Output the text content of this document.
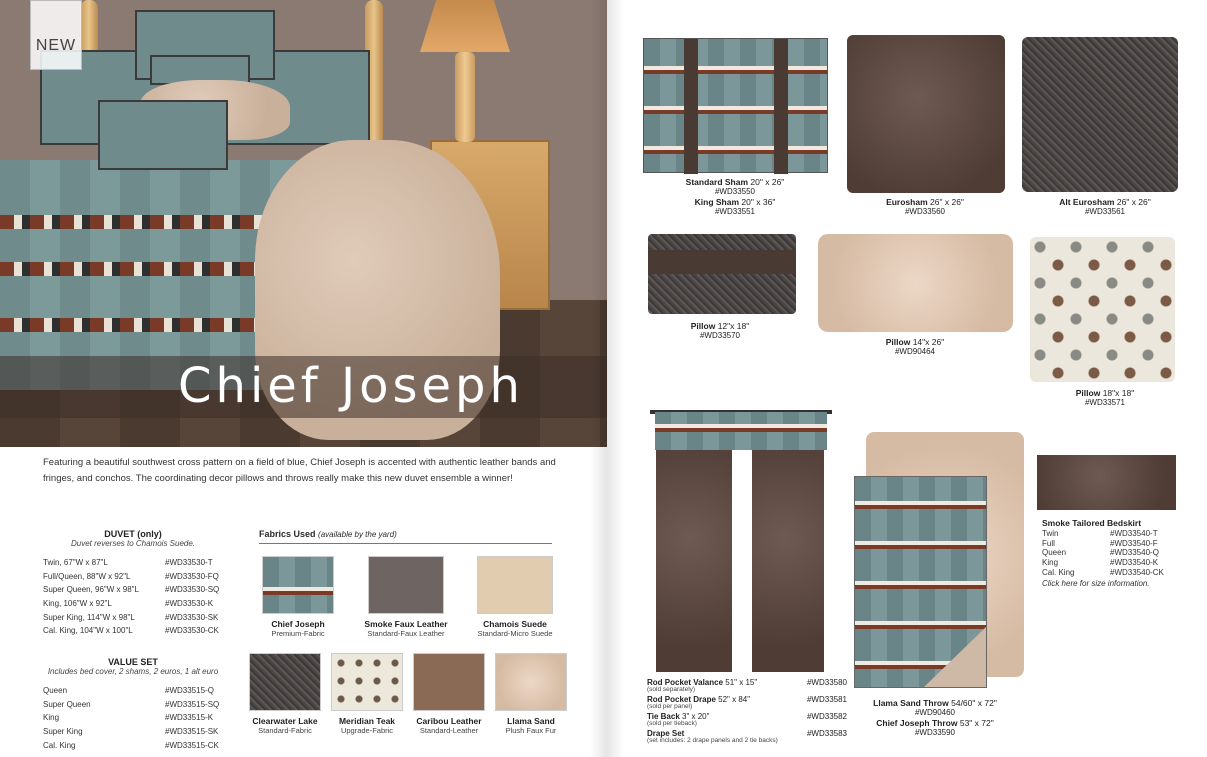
Chief Joseph
NEW

Featuring a beautiful southwest cross pattern on a field of blue, Chief Joseph is accented with authentic leather bands and fringes, and conchos. The coordinating decor pillows and throws really make this new duvet ensemble a winner!

DUVET (only)
Duvet reverses to Chamois Suede.
Twin, 67"W x 87"L	#WD33530-T
Full/Queen, 88"W x 92"L	#WD33530-FQ
Super Queen, 96"W x 98"L	#WD33530-SQ
King, 106"W x 92"L	#WD33530-K
Super King, 114"W x 98"L	#WD33530-SK
Cal. King, 104"W x 100"L	#WD33530-CK
VALUE SET
Includes bed cover, 2 shams, 2 euros, 1 alt euro
Queen	#WD33515-Q
Super Queen	#WD33515-SQ
King	#WD33515-K
Super King	#WD33515-SK
Cal. King	#WD33515-CK
Fabrics Used (available by the yard)
Chief Joseph
Premium-Fabric
Smoke Faux Leather
Standard-Faux Leather
Chamois Suede
Standard-Micro Suede
Clearwater Lake
Standard-Fabric
Meridian Teak
Upgrade-Fabric
Caribou Leather
Standard-Leather
Llama Sand
Plush Faux Fur
Standard Sham 20" x 26"
#WD33550
King Sham 20" x 36"
#WD33551
Eurosham 26" x 26"
#WD33560
Alt Eurosham 26" x 26"
#WD33561
Pillow 12"x 18"
#WD33570
Pillow 14"x 26"
#WD90464
Pillow 18"x 18"
#WD33571
Rod Pocket Valance 51" x 15"	#WD33580
(sold separately)
Rod Pocket Drape 52" x 84"	#WD33581
(sold per panel)
Tie Back 3" x 20"	#WD33582
(sold per tieback)
Drape Set	#WD33583
(set includes: 2 drape panels and 2 tie backs)
Llama Sand Throw 54/60" x 72"
#WD90460
Chief Joseph Throw 53" x 72"
#WD33590
Smoke Tailored Bedskirt
Twin	#WD33540-T
Full	#WD33540-F
Queen	#WD33540-Q
King	#WD33540-K
Cal. King	#WD33540-CK
Click here for size information.
